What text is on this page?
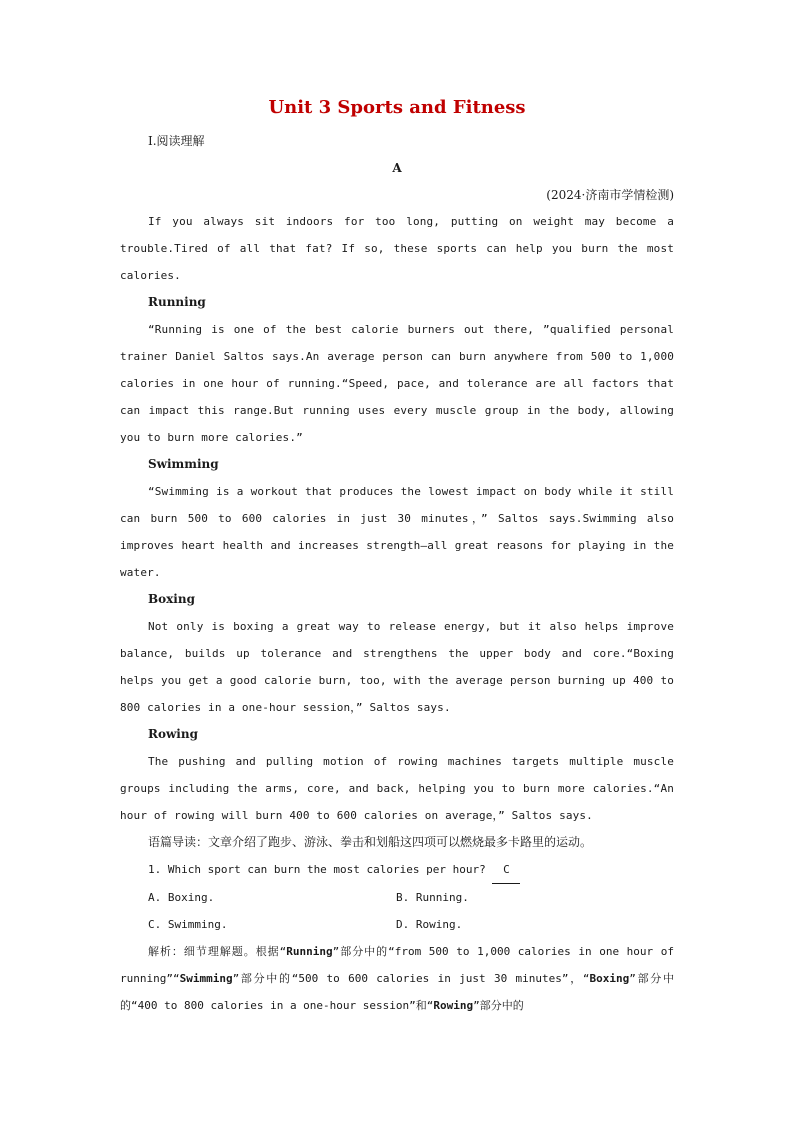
Unit 3 Sports and Fitness
Ⅰ.阅读理解
A
(2024·济南市学情检测)

If you always sit indoors for too long, putting on weight may become a trouble.Tired of all that fat? If so, these sports can help you burn the most calories.

Running

“Running is one of the best calorie burners out there, ”qualified personal trainer Daniel Saltos says.An average person can burn anywhere from 500 to 1,000 calories in one hour of running.“Speed, pace, and tolerance are all factors that can impact this range.But running uses every muscle group in the body, allowing you to burn more calories.”

Swimming

“Swimming is a workout that produces the lowest impact on body while it still can burn 500 to 600 calories in just 30 minutes，” Saltos says.Swimming also improves heart health and increases strength—all great reasons for playing in the water.

Boxing

Not only is boxing a great way to release energy, but it also helps improve balance, builds up tolerance and strengthens the upper body and core.“Boxing helps you get a good calorie burn, too, with the average person burning up 400 to 800 calories in a one-hour session，” Saltos says.

Rowing

The pushing and pulling motion of rowing machines targets multiple muscle groups including the arms, core, and back, helping you to burn more calories.“An hour of rowing will burn 400 to 600 calories on average，” Saltos says.

语篇导读：文章介绍了跑步、游泳、拳击和划船这四项可以燃烧最多卡路里的运动。
1. Which sport can burn the most calories per hour? C
A. Boxing.	B. Running.
C. Swimming.	D. Rowing.

解析：细节理解题。根据“Running”部分中的“from 500 to 1,000 calories in one hour of running”“Swimming”部分中的“500 to 600 calories in just 30 minutes”，“Boxing”部分中的“400 to 800 calories in a one-hour session”和“Rowing”部分中的
